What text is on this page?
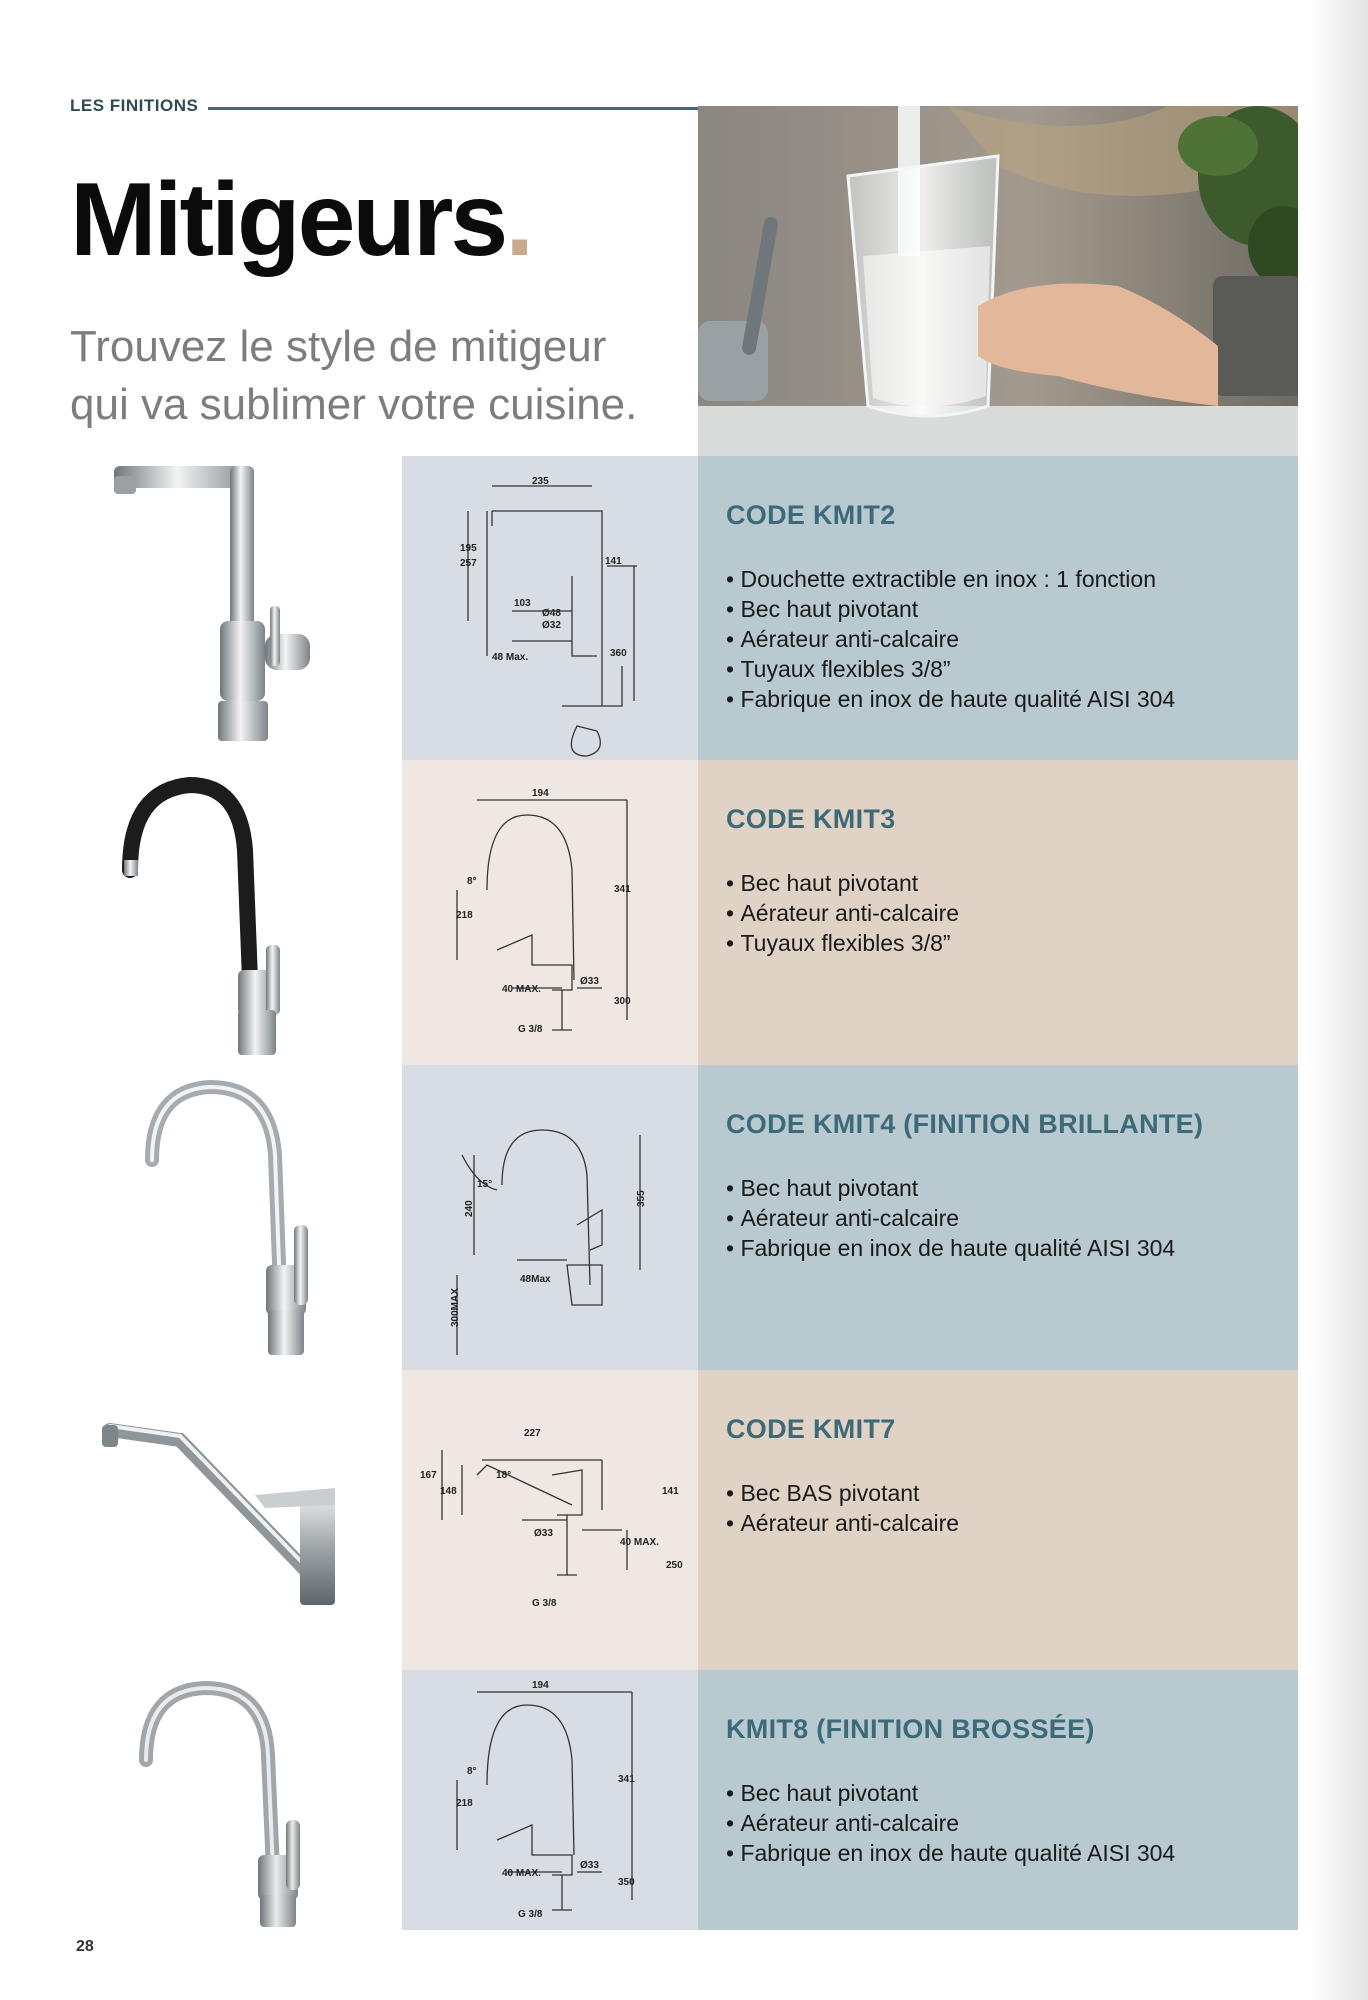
LES FINITIONS
Mitigeurs.
Trouvez le style de mitigeur
qui va sublimer votre cuisine.
235
195
257	141
103
Ø48
Ø32
48 Max.	360
CODE KMIT2
• Douchette extractible en inox : 1 fonction
• Bec haut pivotant
• Aérateur anti-calcaire
• Tuyaux flexibles 3/8”
• Fabrique en inox de haute qualité AISI 304
194
8°
218
341
40 MAX.
Ø33
300
G 3/8
CODE KMIT3
• Bec haut pivotant
• Aérateur anti-calcaire
• Tuyaux flexibles 3/8”
15°
240
355
300MAX
48Max
CODE KMIT4 (FINITION BRILLANTE)
• Bec haut pivotant
• Aérateur anti-calcaire
• Fabrique en inox de haute qualité AISI 304
227
167
148
18°
141
Ø33
40 MAX.
250
G 3/8
CODE KMIT7
• Bec BAS pivotant
• Aérateur anti-calcaire
194
8°
218
341
40 MAX.
Ø33
350
G 3/8
KMIT8 (FINITION BROSSÉE)
• Bec haut pivotant
• Aérateur anti-calcaire
• Fabrique en inox de haute qualité AISI 304
28
